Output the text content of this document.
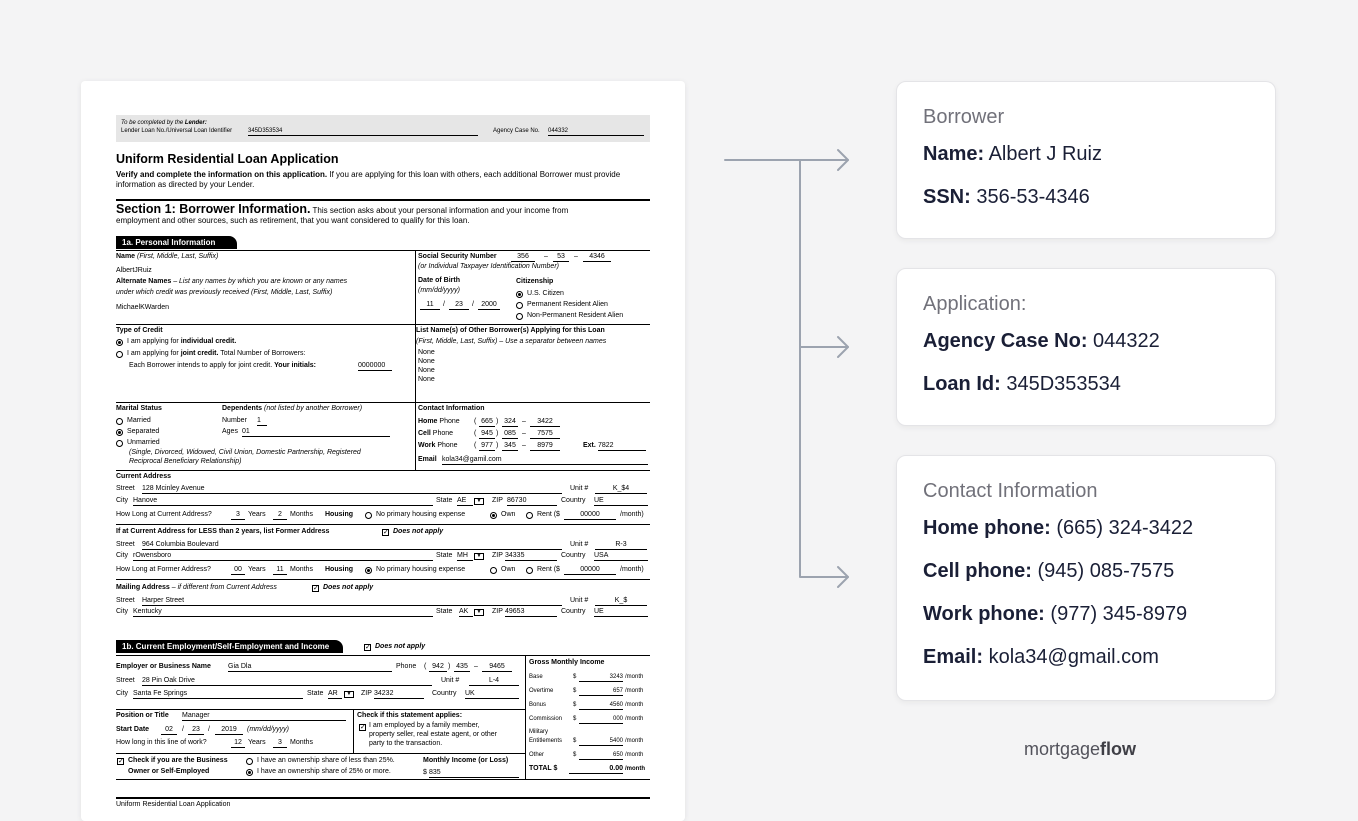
To be completed by the Lender:
Lender Loan No./Universal Loan Identifier	345D353534	Agency Case No. 044332
Uniform Residential Loan Application
Verify and complete the information on this application. If you are applying for this loan with others, each additional Borrower must provide
information as directed by your Lender.
Section 1: Borrower Information. This section asks about your personal information and your income from
employment and other sources, such as retirement, that you want considered to qualify for this loan.
1a. Personal Information
Name (First, Middle, Last, Suffix)
AlbertJRuiz
Alternate Names – List any names by which you are known or any names
under which credit was previously received (First, Middle, Last, Suffix)
MichaelKWarden
Social Security Number	356	–	53	–	4346
(or Individual Taxpayer Identification Number)
Date of Birth
(mm/dd/yyyy)
11	/	23	/	2000
Citizenship
U.S. Citizen
Permanent Resident Alien
Non-Permanent Resident Alien
Type of Credit
I am applying for individual credit.
I am applying for joint credit. Total Number of Borrowers:
Each Borrower intends to apply for joint credit. Your initials:	0000000
List Name(s) of Other Borrower(s) Applying for this Loan
(First, Middle, Last, Suffix) – Use a separator between names
None
None
None
None
Marital Status
Married
Separated
Unmarried
(Single, Divorced, Widowed, Civil Union, Domestic Partnership, Registered
Reciprocal Beneficiary Relationship)
Dependents (not listed by another Borrower)
Number 1
Ages 01
Contact Information
Home Phone ( 665 ) 324 –	3422
Cell Phone	( 945 ) 085 –	7575
Work Phone ( 977 ) 345 –	8979	Ext. 7822
Email kola34@gamil.com
Current Address
Street 128 Mcinley Avenue	Unit #	K_$4
City Hanove	State AE	▼	ZIP 86730	Country UE
How Long at Current Address?	3	Years	2	Months Housing	No primary housing expense	Own	Rent ($	00000	/month)
If at Current Address for LESS than 2 years, list Former Address	✓ Does not apply
Street 964 Columbia Boulevard	Unit #	R-3
City rOwensboro	State MH	▼	ZIP 34335	Country USA
How Long at Former Address?	00 Years	11 Months Housing	No primary housing expense	Own	Rent ($	00000	/month)
Mailing Address – if different from Current Address	✓ Does not apply
Street Harper Street	Unit #	K_$
City Kentucky	State AK	▼	ZIP 49653	Country UE
1b. Current Employment/Self-Employment and Income	✓ Does not apply
Employer or Business Name Gia Dla	Phone ( 942 ) 435 –	9465
Street 28 Pin Oak Drive	Unit #	L-4
City Santa Fe Springs	State AR	▼	ZIP 34232	Country UK
Position or Title Manager
Start Date	02	/	23	/	2019	(mm/dd/yyyy)
How long in this line of work?	12 Years	3	Months
Check if this statement applies:
✓ I am employed by a family member,
property seller, real estate agent, or other
party to the transaction.
✓ Check if you are the Business
Owner or Self-Employed
I have an ownership share of less than 25%.
I have an ownership share of 25% or more.
Monthly Income (or Loss)
$ 835
Gross Monthly Income
Base	$	3243 /month
Overtime	$	657 /month
Bonus	$	4560 /month
Commission $	000 /month
Military
Entitlements $	5400 /month
Other	$	650 /month
TOTAL $	0.00 /month
Uniform Residential Loan Application
Borrower
Name: Albert J Ruiz
SSN: 356-53-4346
Application:
Agency Case No: 044322
Loan Id: 345D353534
Contact Information
Home phone: (665) 324-3422
Cell phone: (945) 085-7575
Work phone: (977) 345-8979
Email: kola34@gmail.com
mortgageflow
